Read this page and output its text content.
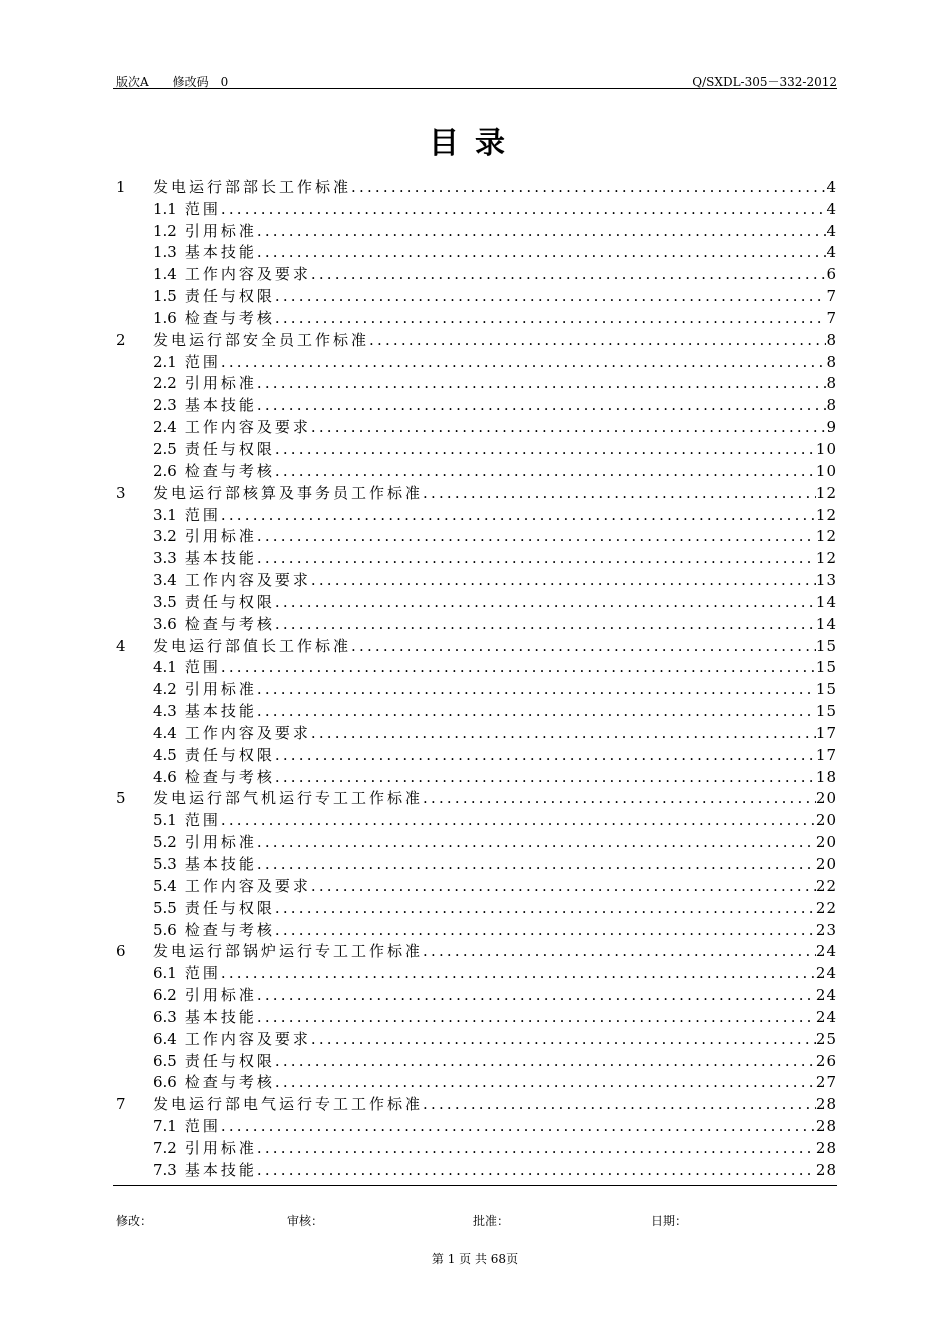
版次A　　修改码　0	Q/SXDL-305－332-2012
目录
1	发电运行部部长工作标准 .....	4
1.1 范围 .....	4
1.2 引用标准 .....	4
1.3 基本技能 .....	4
1.4 工作内容及要求 .....	6
1.5 责任与权限 .....	7
1.6 检查与考核 .....	7
2	发电运行部安全员工作标准 .....	8
2.1 范围 .....	8
2.2 引用标准 .....	8
2.3 基本技能 .....	8
2.4 工作内容及要求 .....	9
2.5 责任与权限 .....	10
2.6 检查与考核 .....	10
3	发电运行部核算及事务员工作标准 .....	12
3.1 范围 .....	12
3.2 引用标准 .....	12
3.3 基本技能 .....	12
3.4 工作内容及要求 .....	13
3.5 责任与权限 .....	14
3.6 检查与考核 .....	14
4	发电运行部值长工作标准 .....	15
4.1 范围 .....	15
4.2 引用标准 .....	15
4.3 基本技能 .....	15
4.4 工作内容及要求 .....	17
4.5 责任与权限 .....	17
4.6 检查与考核 .....	18
5	发电运行部气机运行专工工作标准 .....	20
5.1 范围 .....	20
5.2 引用标准 .....	20
5.3 基本技能 .....	20
5.4 工作内容及要求 .....	22
5.5 责任与权限 .....	22
5.6 检查与考核 .....	23
6	发电运行部锅炉运行专工工作标准 .....	24
6.1 范围 .....	24
6.2 引用标准 .....	24
6.3 基本技能 .....	24
6.4 工作内容及要求 .....	25
6.5 责任与权限 .....	26
6.6 检查与考核 .....	27
7	发电运行部电气运行专工工作标准 .....	28
7.1 范围 .....	28
7.2 引用标准 .....	28
7.3 基本技能 .....	28
修改：	审核：	批准：	日期：
第 1 页 共 68页
